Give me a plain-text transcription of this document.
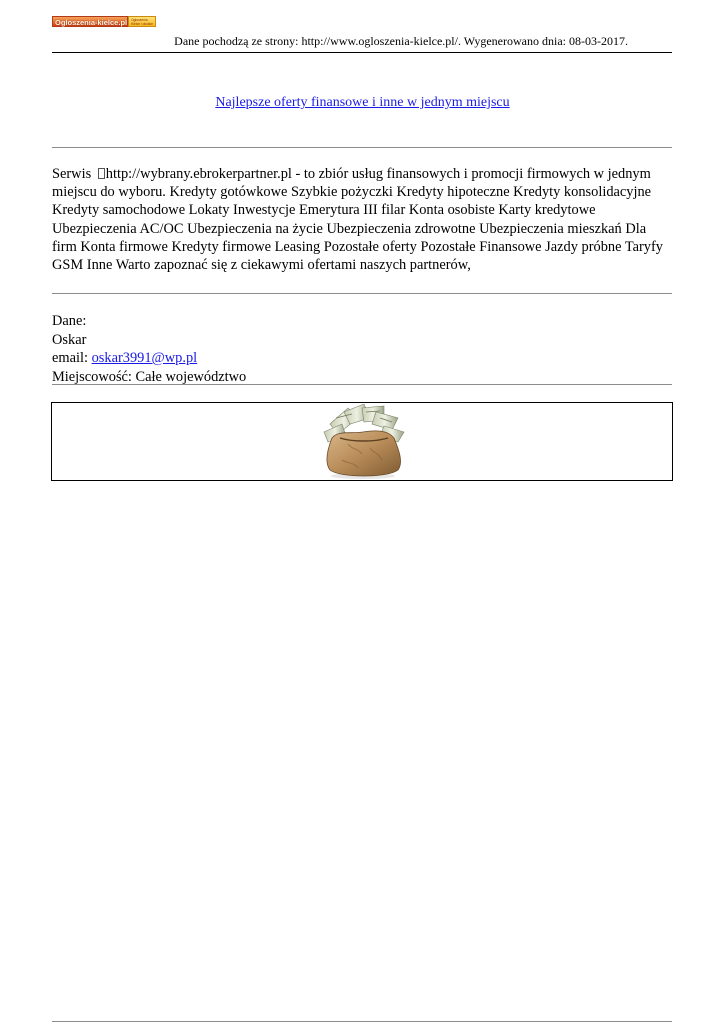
Ogloszenia-kielce.pl	Ogłoszenia
Kielce i okolice
Dane pochodzą ze strony: http://www.ogloszenia-kielce.pl/. Wygenerowano dnia: 08-03-2017.
Najlepsze oferty finansowe i inne w jednym miejscu
Serwis http://wybrany.ebrokerpartner.pl - to zbiór usług finansowych i promocji firmowych w jednym miejscu do wyboru. Kredyty gotówkowe Szybkie pożyczki Kredyty hipoteczne Kredyty konsolidacyjne Kredyty samochodowe Lokaty Inwestycje Emerytura III filar Konta osobiste Karty kredytowe Ubezpieczenia AC/OC Ubezpieczenia na życie Ubezpieczenia zdrowotne Ubezpieczenia mieszkań Dla firm Konta firmowe Kredyty firmowe Leasing Pozostałe oferty Pozostałe Finansowe Jazdy próbne Taryfy GSM Inne Warto zapoznać się z ciekawymi ofertami naszych partnerów,
Dane:
Oskar
email: oskar3991@wp.pl
Miejscowość: Całe województwo
